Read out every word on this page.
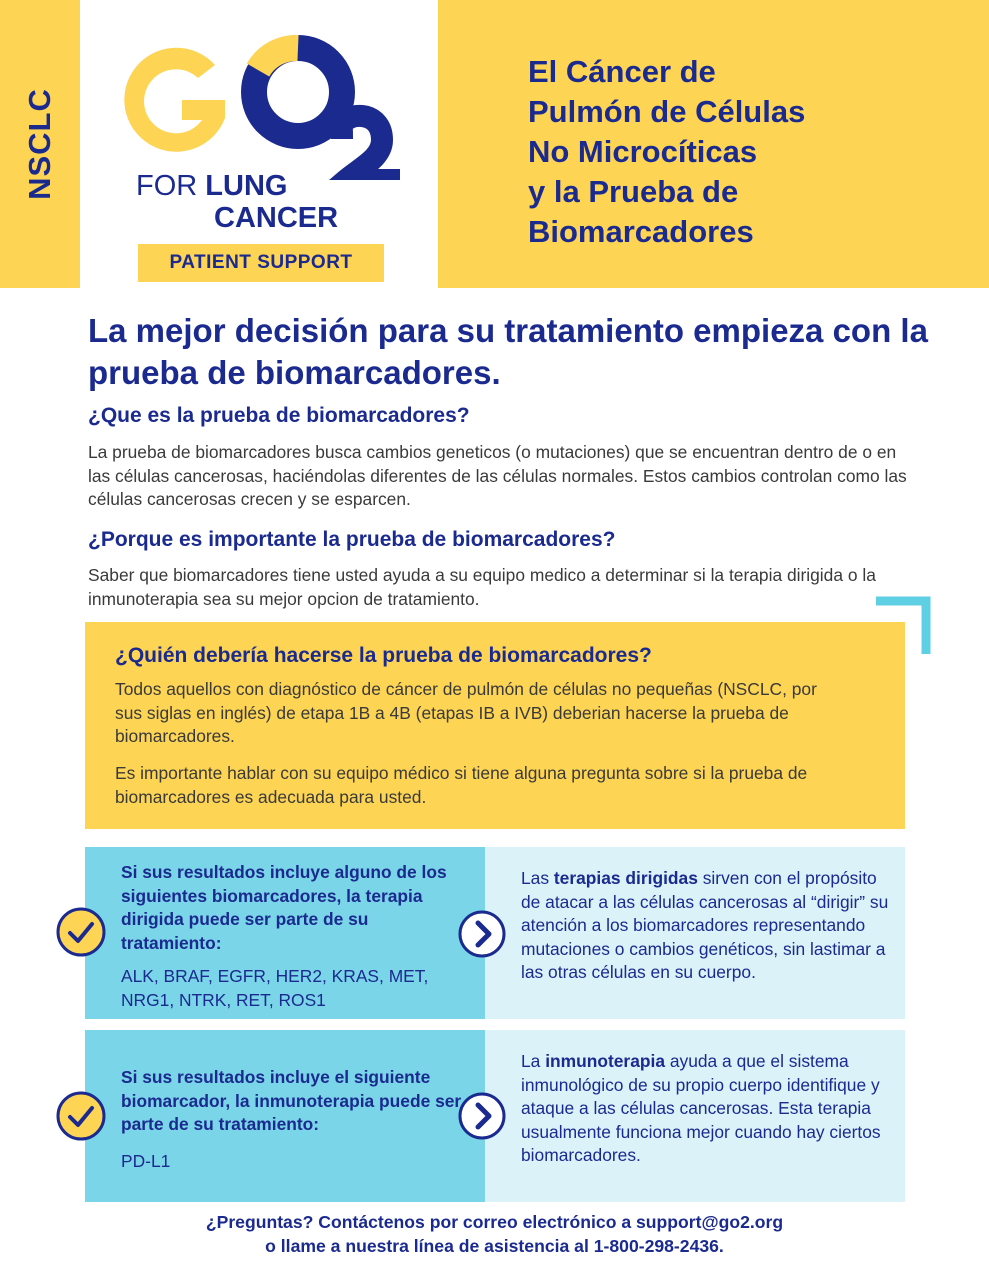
NSCLC	FOR LUNG
CANCER
PATIENT SUPPORT
El Cáncer de
Pulmón de Células
No Microcíticas
y la Prueba de
Biomarcadores
La mejor decisión para su tratamiento empieza con la prueba de biomarcadores.
¿Que es la prueba de biomarcadores?
La prueba de biomarcadores busca cambios geneticos (o mutaciones) que se encuentran dentro de o en las células cancerosas, haciéndolas diferentes de las células normales. Estos cambios controlan como las células cancerosas crecen y se esparcen.
¿Porque es importante la prueba de biomarcadores?
Saber que biomarcadores tiene usted ayuda a su equipo medico a determinar si la terapia dirigida o la inmunoterapia sea su mejor opcion de tratamiento.
¿Quién debería hacerse la prueba de biomarcadores?
Todos aquellos con diagnóstico de cáncer de pulmón de células no pequeñas (NSCLC, por sus siglas en inglés) de etapa 1B a 4B (etapas IB a IVB) deberian hacerse la prueba de biomarcadores.
Es importante hablar con su equipo médico si tiene alguna pregunta sobre si la prueba de biomarcadores es adecuada para usted.
Si sus resultados incluye alguno de los siguientes biomarcadores, la terapia dirigida puede ser parte de su tratamiento:
ALK, BRAF, EGFR, HER2, KRAS, MET, NRG1, NTRK, RET, ROS1
Las terapias dirigidas sirven con el propósito de atacar a las células cancerosas al “dirigir” su atención a los biomarcadores representando mutaciones o cambios genéticos, sin lastimar a las otras células en su cuerpo.
Si sus resultados incluye el siguiente biomarcador, la inmunoterapia puede ser parte de su tratamiento:
PD-L1
La inmunoterapia ayuda a que el sistema inmunológico de su propio cuerpo identifique y ataque a las células cancerosas. Esta terapia usualmente funciona mejor cuando hay ciertos biomarcadores.
¿Preguntas? Contáctenos por correo electrónico a support@go2.org
o llame a nuestra línea de asistencia al 1-800-298-2436.
